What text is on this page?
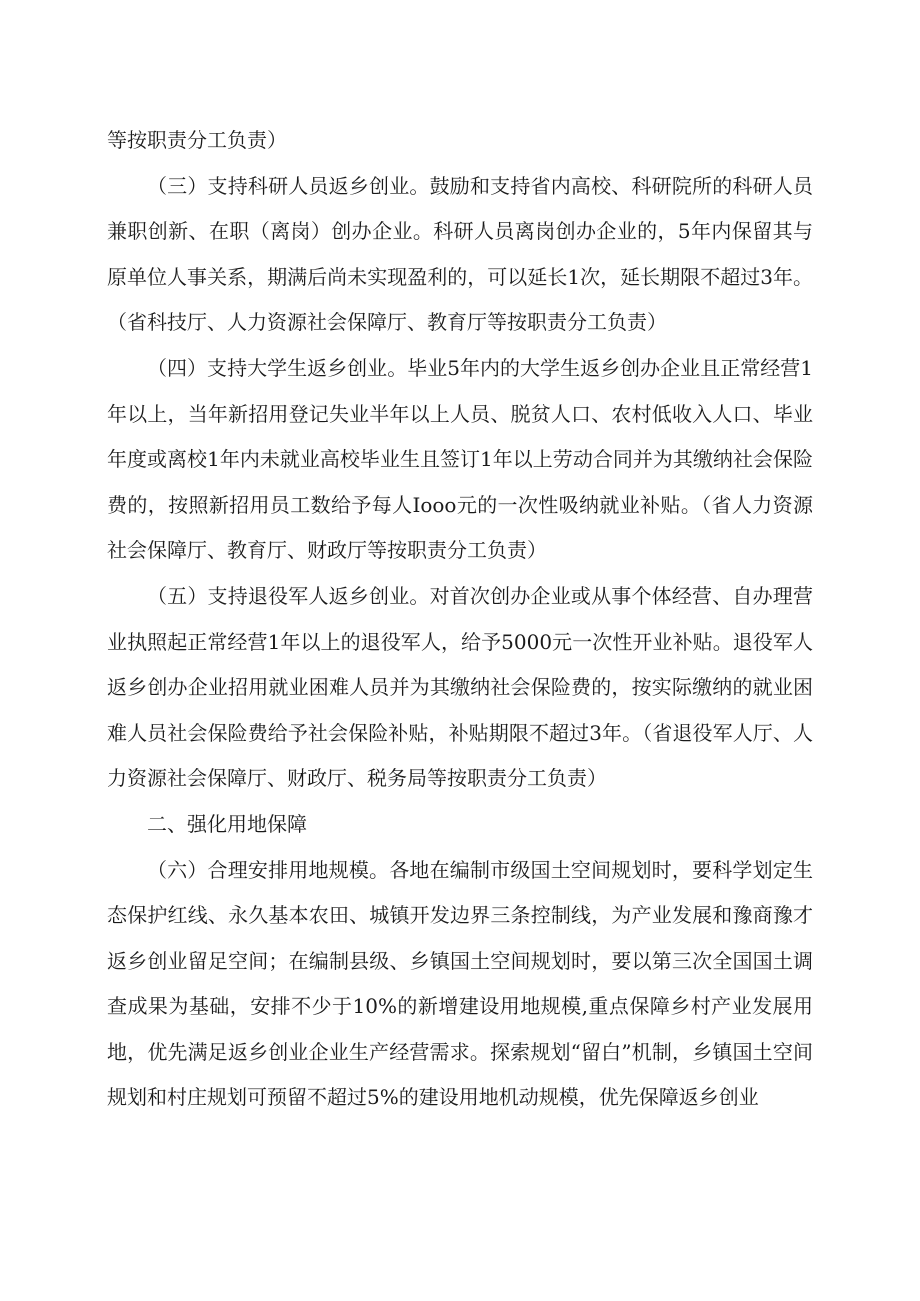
等按职责分工负责）

（三）支持科研人员返乡创业。鼓励和支持省内高校、科研院所的科研人员兼职创新、在职（离岗）创办企业。科研人员离岗创办企业的，5年内保留其与原单位人事关系，期满后尚未实现盈利的，可以延长1次，延长期限不超过3年。（省科技厅、人力资源社会保障厅、教育厅等按职责分工负责）

（四）支持大学生返乡创业。毕业5年内的大学生返乡创办企业且正常经营1年以上，当年新招用登记失业半年以上人员、脱贫人口、农村低收入人口、毕业年度或离校1年内未就业高校毕业生且签订1年以上劳动合同并为其缴纳社会保险费的，按照新招用员工数给予每人Iooo元的一次性吸纳就业补贴。（省人力资源社会保障厅、教育厅、财政厅等按职责分工负责）

（五）支持退役军人返乡创业。对首次创办企业或从事个体经营、自办理营业执照起正常经营1年以上的退役军人，给予5000元一次性开业补贴。退役军人返乡创办企业招用就业困难人员并为其缴纳社会保险费的，按实际缴纳的就业困难人员社会保险费给予社会保险补贴，补贴期限不超过3年。（省退役军人厅、人力资源社会保障厅、财政厅、税务局等按职责分工负责）

二、强化用地保障

（六）合理安排用地规模。各地在编制市级国土空间规划时，要科学划定生态保护红线、永久基本农田、城镇开发边界三条控制线，为产业发展和豫商豫才返乡创业留足空间；在编制县级、乡镇国土空间规划时，要以第三次全国国土调查成果为基础，安排不少于10%的新增建设用地规模,重点保障乡村产业发展用地，优先满足返乡创业企业生产经营需求。探索规划“留白”机制，乡镇国土空间规划和村庄规划可预留不超过5%的建设用地机动规模，优先保障返乡创业
